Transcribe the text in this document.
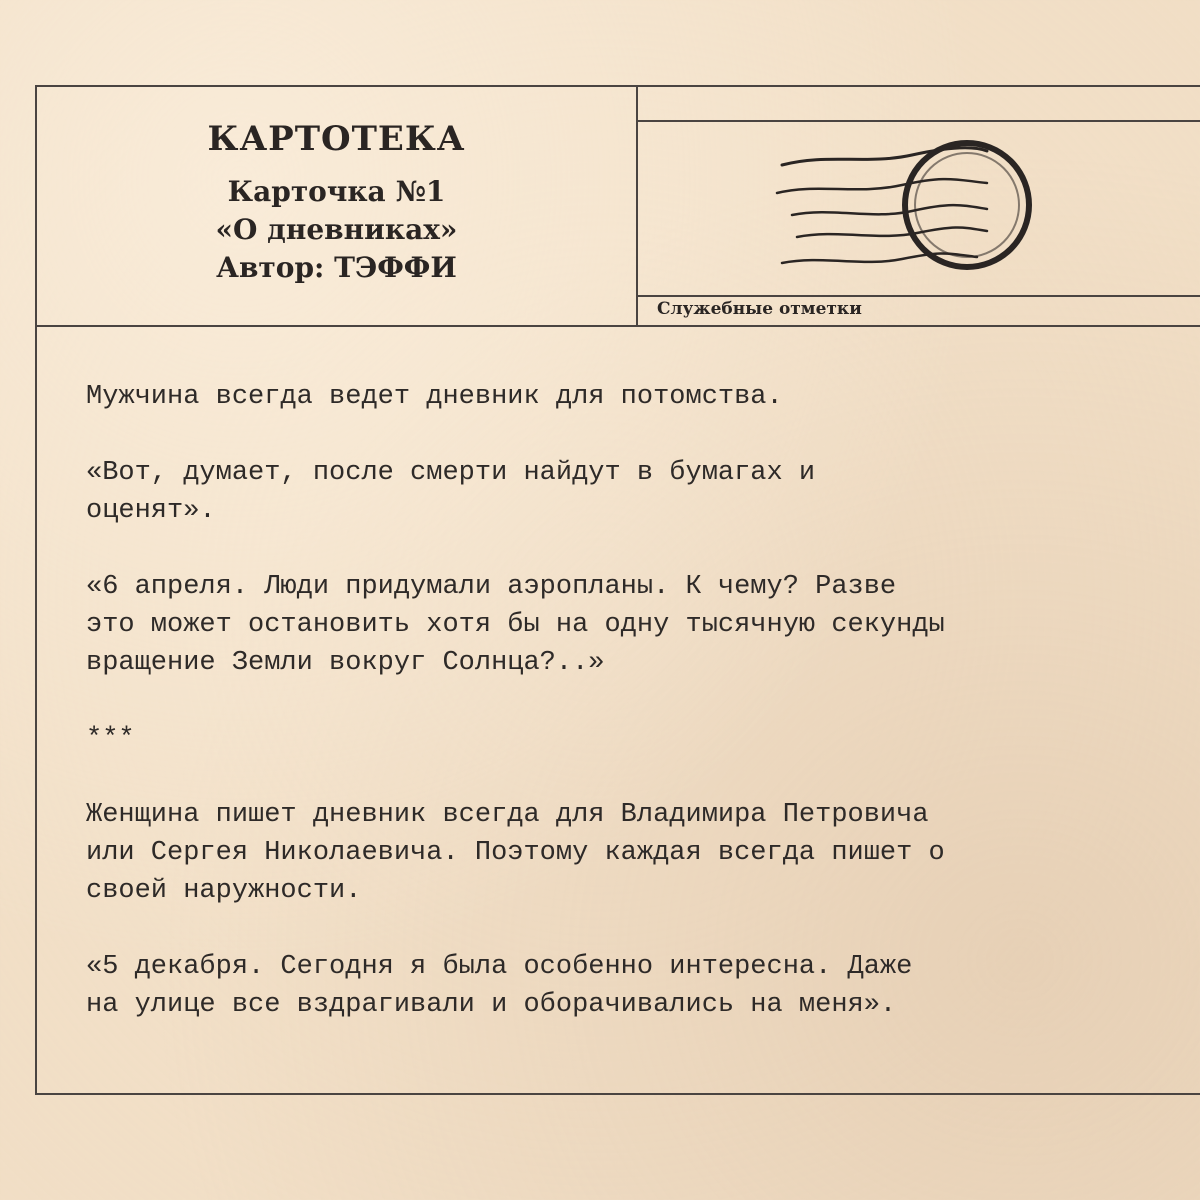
КАРТОТЕКА
Карточка №1
«О дневниках»
Автор: ТЭФФИ
Служебные отметки

Мужчина всегда ведет дневник для потомства.

«Вот, думает, после смерти найдут в бумагах и
оценят».

«6 апреля. Люди придумали аэропланы. К чему? Разве
это может остановить хотя бы на одну тысячную секунды
вращение Земли вокруг Солнца?..»

***

Женщина пишет дневник всегда для Владимира Петровича
или Сергея Николаевича. Поэтому каждая всегда пишет о
своей наружности.

«5 декабря. Сегодня я была особенно интересна. Даже
на улице все вздрагивали и оборачивались на меня».
